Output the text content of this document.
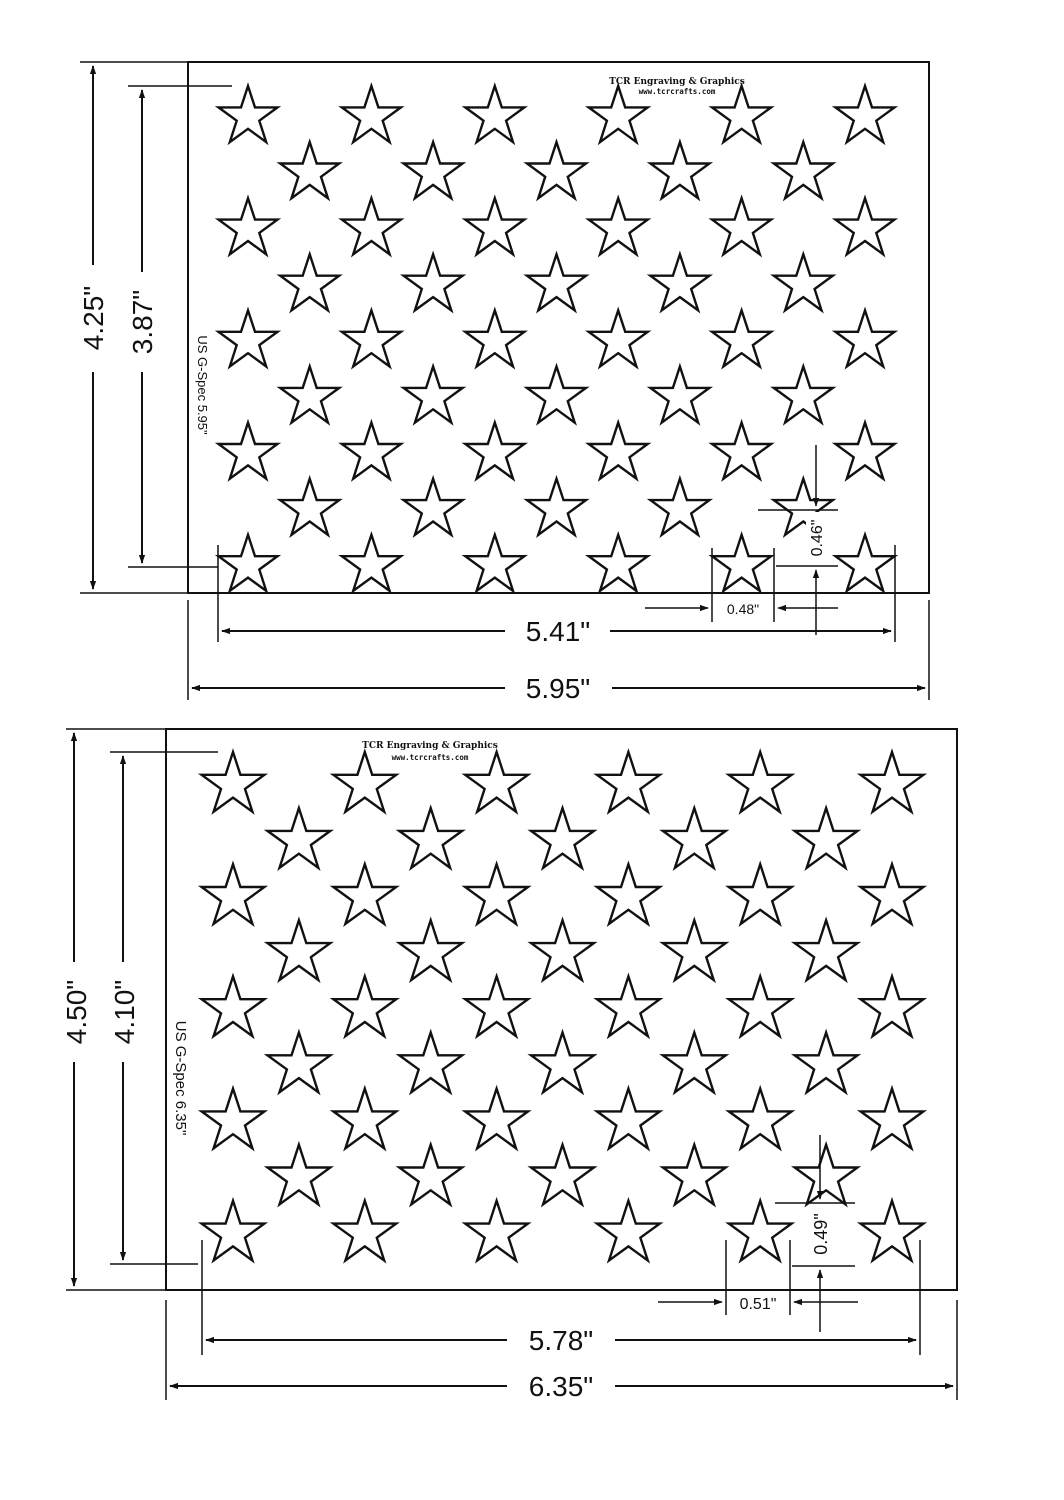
TCR Engraving & Graphics
www.tcrcrafts.com
US G-Spec 5.95"
4.25" 3.87"
5.41"
5.95"
0.48"
0.46"
TCR Engraving & Graphics
www.tcrcrafts.com
US G-Spec 6.35"
4.50" 4.10"
5.78"
6.35"
0.51"
0.49"
